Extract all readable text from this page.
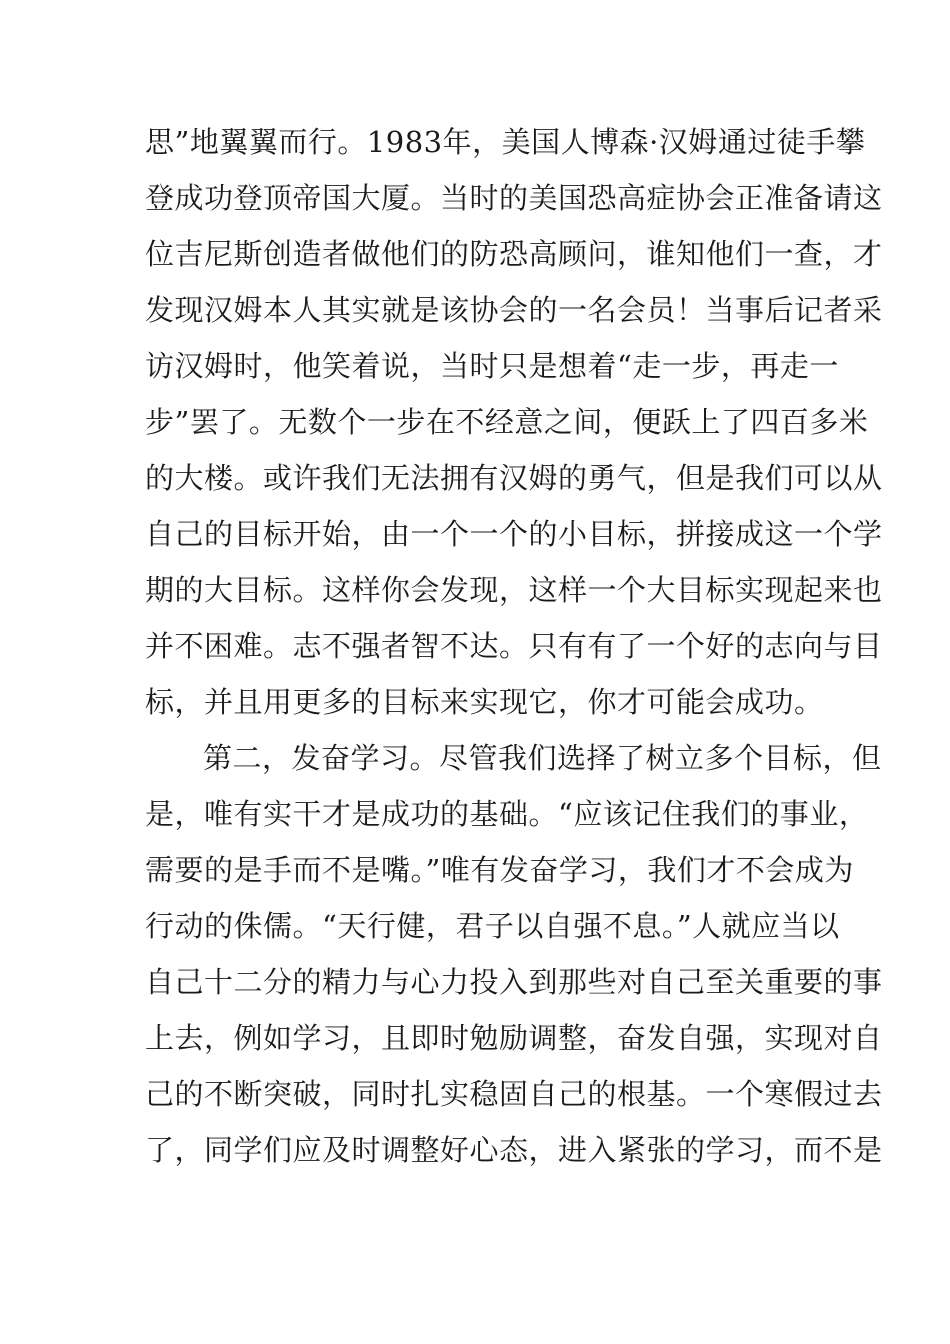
思”地翼翼而行。1983年，美国人博森·汉姆通过徒手攀
登成功登顶帝国大厦。当时的美国恐高症协会正准备请这
位吉尼斯创造者做他们的防恐高顾问，谁知他们一查，才
发现汉姆本人其实就是该协会的一名会员！当事后记者采
访汉姆时，他笑着说，当时只是想着“走一步，再走一
步”罢了。无数个一步在不经意之间，便跃上了四百多米
的大楼。或许我们无法拥有汉姆的勇气，但是我们可以从
自己的目标开始，由一个一个的小目标，拼接成这一个学
期的大目标。这样你会发现，这样一个大目标实现起来也
并不困难。志不强者智不达。只有有了一个好的志向与目
标，并且用更多的目标来实现它，你才可能会成功。
第二，发奋学习。尽管我们选择了树立多个目标，但
是，唯有实干才是成功的基础。“应该记住我们的事业，
需要的是手而不是嘴。”唯有发奋学习，我们才不会成为
行动的侏儒。“天行健，君子以自强不息。”人就应当以
自己十二分的精力与心力投入到那些对自己至关重要的事
上去，例如学习，且即时勉励调整，奋发自强，实现对自
己的不断突破，同时扎实稳固自己的根基。一个寒假过去
了，同学们应及时调整好心态，进入紧张的学习，而不是
